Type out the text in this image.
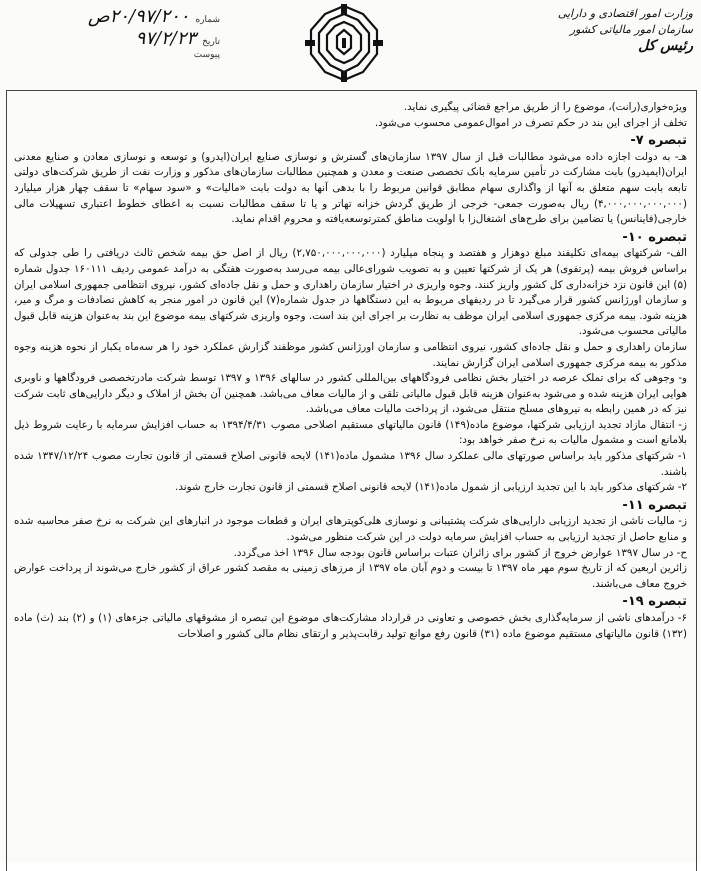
وزارت امور اقتصادی و دارایی
سازمان امور مالیاتی کشور
رئیس کل
شماره
۲۰/۹۷/۲۰۰ص
تاریخ
۹۷/۲/۲۳
پیوست

ویژه‌خواری(رانت)، موضوع را از طریق مراجع قضائی پیگیری نماید.

تخلف از اجرای این بند در حکم تصرف در اموال‌عمومی محسوب می‌شود.

تبصره ۷-

هـ- به دولت اجازه داده می‌شود مطالبات قبل از سال ۱۳۹۷ سازمان‌های گسترش و نوسازی صنایع ایران(ایدرو) و توسعه و نوسازی معادن و صنایع معدنی ایران(ایمیدرو) بابت مشارکت در تأمین سرمایه بانک تخصصی صنعت و معدن و همچنین مطالبات سازمان‌های مذکور و وزارت نفت از طریق شرکت‌های دولتی تابعه بابت سهم متعلق به آنها از واگذاری سهام مطابق قوانین مربوط را با بدهی آنها به دولت بابت «مالیات» و «سود سهام» تا سقف چهار هزار میلیارد (۴,۰۰۰,۰۰۰,۰۰۰,۰۰۰) ریال به‌صورت جمعی- خرجی از طریق گردش خزانه تهاتر و یا تا سقف مطالبات نسبت به اعطای خطوط اعتباری تسهیلات مالی خارجی(فاینانس) یا تضامین برای طرح‌های اشتغال‌زا با اولویت مناطق کمترتوسعه‌یافته و محروم اقدام نماید.

تبصره ۱۰-

الف- شرکتهای بیمه‌ای تکلیفند مبلغ دوهزار و هفتصد و پنجاه میلیارد (۲,۷۵۰,۰۰۰,۰۰۰,۰۰۰) ریال از اصل حق بیمه شخص ثالث دریافتی را طی جدولی که براساس فروش بیمه (پرتفوی) هر یک از شرکتها تعیین و به تصویب شورای‌عالی بیمه می‌رسد به‌صورت هفتگی به درآمد عمومی ردیف ۱۶۰۱۱۱ جدول شماره (۵) این قانون نزد خزانه‌داری کل کشور واریز کنند. وجوه واریزی در اختیار سازمان راهداری و حمل و نقل جاده‌ای کشور، نیروی انتظامی جمهوری اسلامی ایران و سازمان اورژانس کشور قرار می‌گیرد تا در ردیفهای مربوط به این دستگاهها در جدول شماره(۷) این قانون در امور منجر به کاهش تصادفات و مرگ و میر، هزینه شود. بیمه مرکزی جمهوری اسلامی ایران موظف به نظارت بر اجرای این بند است. وجوه واریزی شرکتهای بیمه موضوع این بند به‌عنوان هزینه قابل قبول مالیاتی محسوب می‌شود.

سازمان راهداری و حمل و نقل جاده‌ای کشور، نیروی انتظامی و سازمان اورژانس کشور موظفند گزارش عملکرد خود را هر سه‌ماه یکبار از نحوه هزینه وجوه مذکور به بیمه مرکزی جمهوری اسلامی ایران گزارش نمایند.

و- وجوهی که برای تملک عرصه در اختیار بخش نظامی فرودگاههای بین‌المللی کشور در سالهای ۱۳۹۶ و ۱۳۹۷ توسط شرکت مادرتخصصی فرودگاهها و ناوبری هوایی ایران هزینه شده و می‌شود به‌عنوان هزینه قابل قبول مالیاتی تلقی و از مالیات معاف می‌باشد. همچنین آن بخش از املاک و دیگر دارایی‌های ثابت شرکت نیز که در همین رابطه به نیروهای مسلح منتقل می‌شود، از پرداخت مالیات معاف می‌باشد.

ز- انتقال مازاد تجدید ارزیابی شرکتها، موضوع ماده(۱۴۹) قانون مالیاتهای مستقیم اصلاحی مصوب ۱۳۹۴/۴/۳۱ به حساب افزایش سرمایه با رعایت شروط ذیل بلامانع است و مشمول مالیات به نرخ صفر خواهد بود:

۱- شرکتهای مذکور باید براساس صورتهای مالی عملکرد سال ۱۳۹۶ مشمول ماده(۱۴۱) لایحه قانونی اصلاح قسمتی از قانون تجارت مصوب ۱۳۴۷/۱۲/۲۴ شده باشند.

۲- شرکتهای مذکور باید با این تجدید ارزیابی از شمول ماده(۱۴۱) لایحه قانونی اصلاح قسمتی از قانون تجارت خارج شوند.

تبصره ۱۱-

ز- مالیات ناشی از تجدید ارزیابی دارایی‌های شرکت پشتیبانی و نوسازی هلی‌کوپترهای ایران و قطعات موجود در انبارهای این شرکت به نرخ صفر محاسبه شده و منابع حاصل از تجدید ارزیابی به حساب افزایش سرمایه دولت در این شرکت منظور می‌شود.

ح- در سال ۱۳۹۷ عوارض خروج از کشور برای زائران عتبات براساس قانون بودجه سال ۱۳۹۶ اخذ می‌گردد.

زائرین اربعین که از تاریخ سوم مهر ماه ۱۳۹۷ تا بیست و دوم آبان ماه ۱۳۹۷ از مرزهای زمینی به مقصد کشور عراق از کشور خارج می‌شوند از پرداخت عوارض خروج معاف می‌باشند.

تبصره ۱۹-

۶- درآمدهای ناشی از سرمایه‌گذاری بخش خصوصی و تعاونی در قرارداد مشارکت‌های موضوع این تبصره از مشوقهای مالیاتی جزءهای (۱) و (۲) بند (ث) ماده (۱۳۲) قانون مالیاتهای مستقیم موضوع ماده (۳۱) قانون رفع موانع تولید رقابت‌پذیر و ارتقای نظام مالی کشور و اصلاحات
